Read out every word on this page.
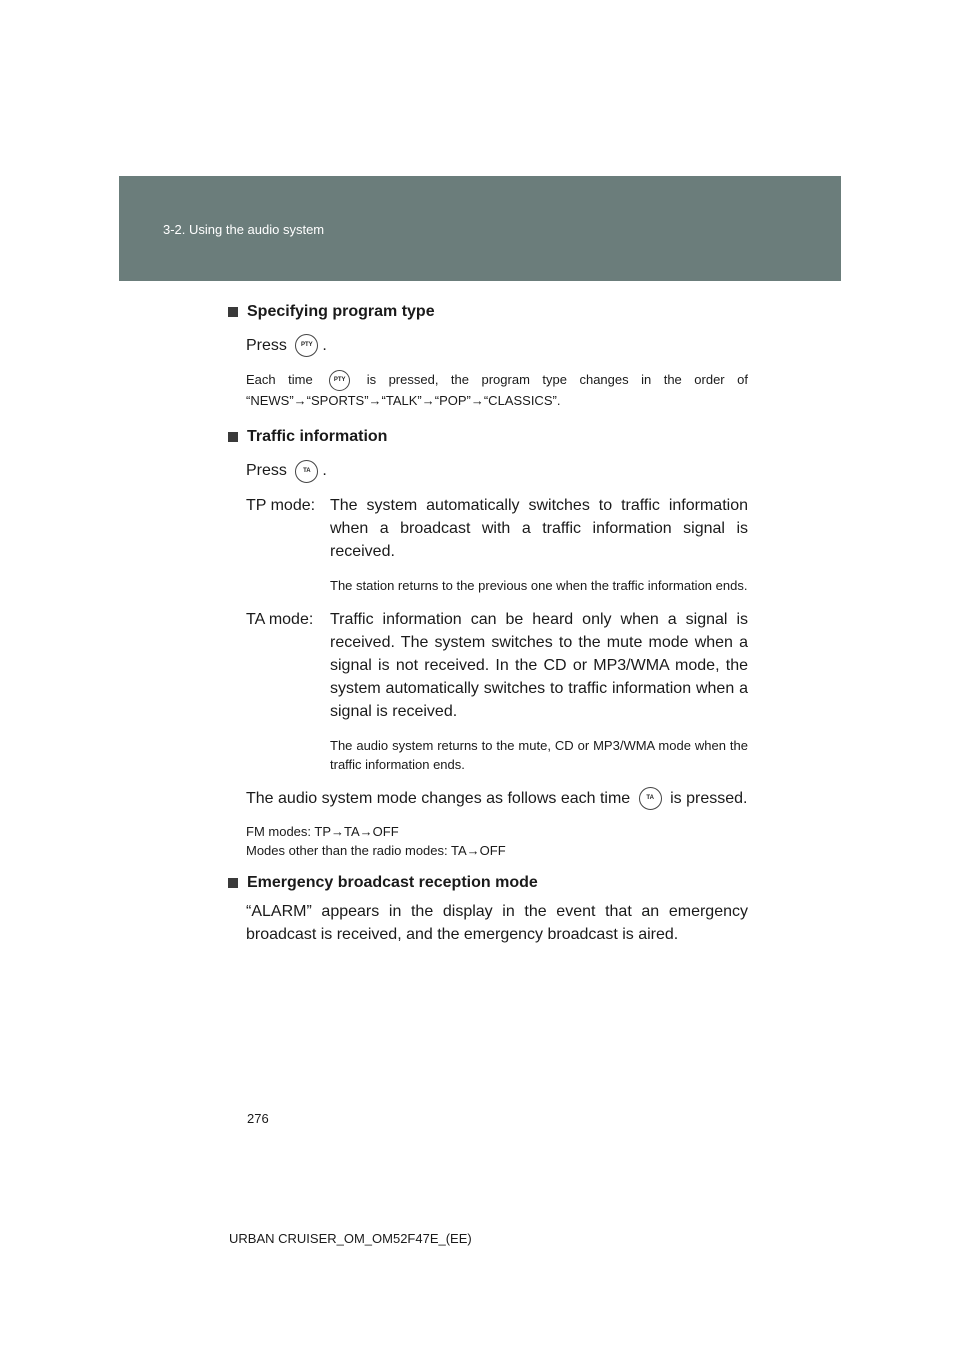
3-2. Using the audio system

Specifying program type

Press PTY .

Each time	PTY is pressed, the program type changes in the order of “NEWS”→“SPORTS”→“TALK”→“POP”→“CLASSICS”.

Traffic information

Press	TA .

TP mode: The system automatically switches to traffic information when a broadcast with a traffic information signal is received.

The station returns to the previous one when the traffic information ends.

TA mode:	Traffic information can be heard only when a signal is received. The system switches to the mute mode when a signal is not received. In the CD or MP3/WMA mode, the system automatically switches to traffic information when a signal is received.

The audio system returns to the mute, CD or MP3/WMA mode when the traffic information ends.

The audio system mode changes as follows each time	TA is pressed.

FM modes: TP→TA→OFF

Modes other than the radio modes: TA→OFF

Emergency broadcast reception mode

“ALARM” appears in the display in the event that an emergency broadcast is received, and the emergency broadcast is aired.

276
URBAN CRUISER_OM_OM52F47E_(EE)
